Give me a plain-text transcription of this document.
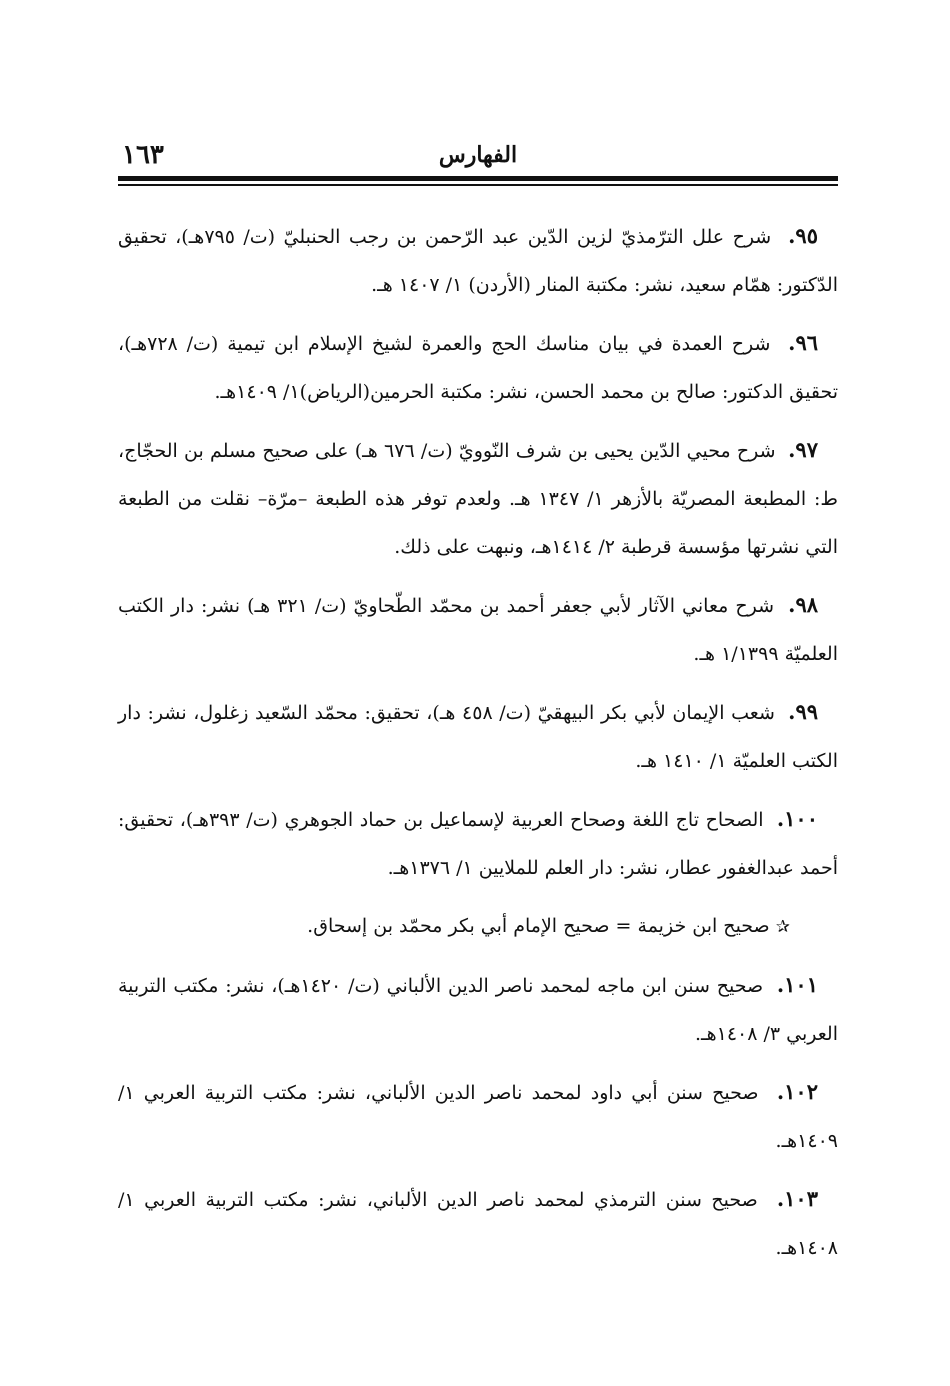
الفهارس
١٦٣

٩٥.  شرح علل الترّمذيّ لزين الدّين عبد الرّحمن بن رجب الحنبليّ (ت/ ٧٩٥هـ)، تحقيق الدّكتور: همّام سعيد، نشر: مكتبة المنار (الأردن) ١/ ١٤٠٧ هـ.

٩٦.  شرح العمدة في بيان مناسك الحج والعمرة لشيخ الإسلام ابن تيمية (ت/ ٧٢٨هـ)، تحقيق الدكتور: صالح بن محمد الحسن، نشر: مكتبة الحرمين(الرياض)١/ ١٤٠٩هـ.

٩٧.  شرح محيي الدّين يحيى بن شرف النّوويّ (ت/ ٦٧٦ هـ) على صحيح مسلم بن الحجّاج، ط: المطبعة المصريّة بالأزهر ١/ ١٣٤٧ هـ. ولعدم توفر هذه الطبعة –مرّة– نقلت من الطبعة التي نشرتها مؤسسة قرطبة ٢/ ١٤١٤هـ، ونبهت على ذلك.

٩٨.  شرح معاني الآثار لأبي جعفر أحمد بن محمّد الطّحاويّ (ت/ ٣٢١ هـ) نشر: دار الكتب العلميّة ١/١٣٩٩ هـ.

٩٩.  شعب الإيمان لأبي بكر البيهقيّ (ت/ ٤٥٨ هـ)، تحقيق: محمّد السّعيد زغلول، نشر: دار الكتب العلميّة ١/ ١٤١٠ هـ.

١٠٠.  الصحاح تاج اللغة وصحاح العربية لإسماعيل بن حماد الجوهري (ت/ ٣٩٣هـ)، تحقيق: أحمد عبدالغفور عطار، نشر: دار العلم للملايين ١/ ١٣٧٦هـ.

✰ صحيح ابن خزيمة = صحيح الإمام أبي بكر محمّد بن إسحاق.

١٠١.  صحيح سنن ابن ماجه لمحمد ناصر الدين الألباني (ت/ ١٤٢٠هـ)، نشر: مكتب التربية العربي ٣/ ١٤٠٨هـ.

١٠٢.  صحيح سنن أبي داود لمحمد ناصر الدين الألباني، نشر: مكتب التربية العربي ١/ ١٤٠٩هـ.

١٠٣.  صحيح سنن الترمذي لمحمد ناصر الدين الألباني، نشر: مكتب التربية العربي ١/ ١٤٠٨هـ.
